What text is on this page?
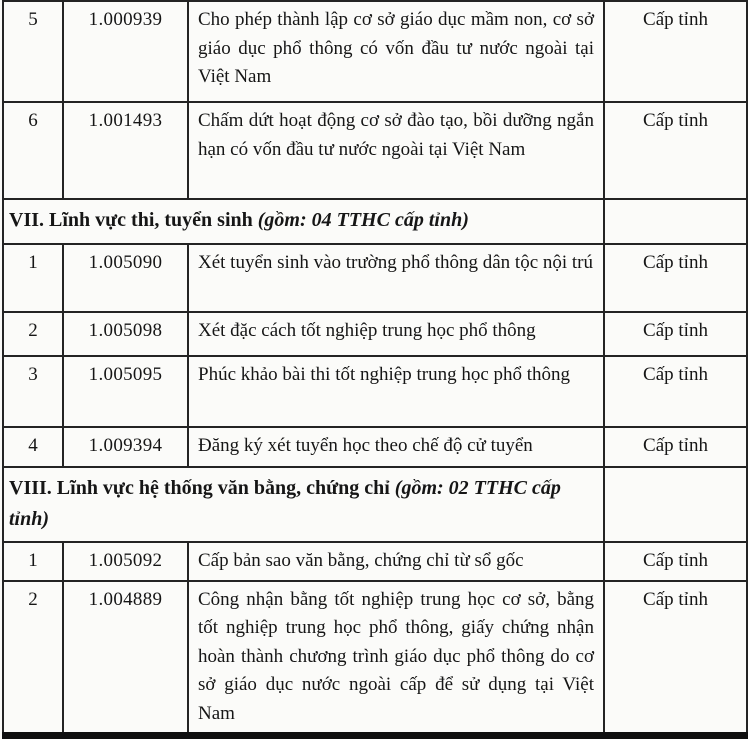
5	1.000939	Cho phép thành lập cơ sở giáo dục mầm non, cơ sở giáo dục phổ thông có vốn đầu tư nước ngoài tại Việt Nam	Cấp tỉnh
6	1.001493	Chấm dứt hoạt động cơ sở đào tạo, bồi dưỡng ngắn hạn có vốn đầu tư nước ngoài tại Việt Nam	Cấp tỉnh
VII. Lĩnh vực thi, tuyển sinh (gồm: 04 TTHC cấp tỉnh)			
1	1.005090	Xét tuyển sinh vào trường phổ thông dân tộc nội trú	Cấp tỉnh
2	1.005098	Xét đặc cách tốt nghiệp trung học phổ thông	Cấp tỉnh
3	1.005095	Phúc khảo bài thi tốt nghiệp trung học phổ thông	Cấp tỉnh
4	1.009394	Đăng ký xét tuyển học theo chế độ cử tuyển	Cấp tỉnh
VIII. Lĩnh vực hệ thống văn bằng, chứng chỉ (gồm: 02 TTHC cấp tỉnh)			
1	1.005092	Cấp bản sao văn bằng, chứng chỉ từ sổ gốc	Cấp tỉnh
2	1.004889	Công nhận bằng tốt nghiệp trung học cơ sở, bằng tốt nghiệp trung học phổ thông, giấy chứng nhận hoàn thành chương trình giáo dục phổ thông do cơ sở giáo dục nước ngoài cấp để sử dụng tại Việt Nam	Cấp tỉnh
